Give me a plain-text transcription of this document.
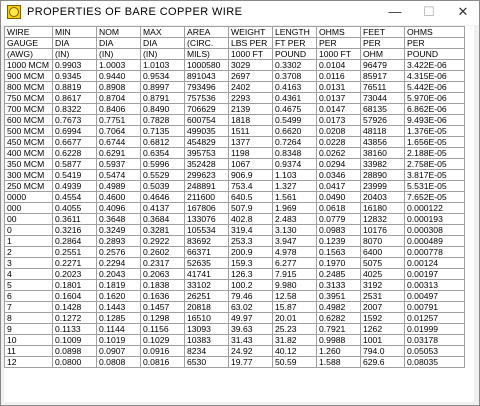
PROPERTIES OF BARE COPPER WIRE	—	☐	✕
WIRE	MIN	NOM	MAX	AREA	WEIGHT	LENGTH	OHMS	FEET	OHMS
GAUGE	DIA	DIA	DIA	(CIRC.	LBS PER	FT PER	PER	PER	PER
(AWG)	(IN)	(IN)	(IN)	MILS)	1000 FT	POUND	1000 FT	OHM	POUND
1000 MCM	0.9903	1.0003	1.0103	1000580	3029	0.3302	0.0104	96479	3.422E-06
900 MCM	0.9345	0.9440	0.9534	891043	2697	0.3708	0.0116	85917	4.315E-06
800 MCM	0.8819	0.8908	0.8997	793496	2402	0.4163	0.0131	76511	5.442E-06
750 MCM	0.8617	0.8704	0.8791	757536	2293	0.4361	0.0137	73044	5.970E-06
700 MCM	0.8322	0.8406	0.8490	706629	2139	0.4675	0.0147	68135	6.862E-06
600 MCM	0.7673	0.7751	0.7828	600754	1818	0.5499	0.0173	57926	9.493E-06
500 MCM	0.6994	0.7064	0.7135	499035	1511	0.6620	0.0208	48118	1.376E-05
450 MCM	0.6677	0.6744	0.6812	454829	1377	0.7264	0.0228	43856	1.656E-05
400 MCM	0.6228	0.6291	0.6354	395753	1198	0.8348	0.0262	38160	2.188E-05
350 MCM	0.5877	0.5937	0.5996	352428	1067	0.9374	0.0294	33982	2.758E-05
300 MCM	0.5419	0.5474	0.5529	299623	906.9	1.103	0.0346	28890	3.817E-05
250 MCM	0.4939	0.4989	0.5039	248891	753.4	1.327	0.0417	23999	5.531E-05
0000	0.4554	0.4600	0.4646	211600	640.5	1.561	0.0490	20403	7.652E-05
000	0.4055	0.4096	0.4137	167806	507.9	1.969	0.0618	16180	0.000122
00	0.3611	0.3648	0.3684	133076	402.8	2.483	0.0779	12832	0.000193
0	0.3216	0.3249	0.3281	105534	319.4	3.130	0.0983	10176	0.000308
1	0.2864	0.2893	0.2922	83692	253.3	3.947	0.1239	8070	0.000489
2	0.2551	0.2576	0.2602	66371	200.9	4.978	0.1563	6400	0.000778
3	0.2271	0.2294	0.2317	52635	159.3	6.277	0.1970	5075	0.00124
4	0.2023	0.2043	0.2063	41741	126.3	7.915	0.2485	4025	0.00197
5	0.1801	0.1819	0.1838	33102	100.2	9.980	0.3133	3192	0.00313
6	0.1604	0.1620	0.1636	26251	79.46	12.58	0.3951	2531	0.00497
7	0.1428	0.1443	0.1457	20818	63.02	15.87	0.4982	2007	0.00791
8	0.1272	0.1285	0.1298	16510	49.97	20.01	0.6282	1592	0.01257
9	0.1133	0.1144	0.1156	13093	39.63	25.23	0.7921	1262	0.01999
10	0.1009	0.1019	0.1029	10383	31.43	31.82	0.9988	1001	0.03178
11	0.0898	0.0907	0.0916	8234	24.92	40.12	1.260	794.0	0.05053
12	0.0800	0.0808	0.0816	6530	19.77	50.59	1.588	629.6	0.08035
